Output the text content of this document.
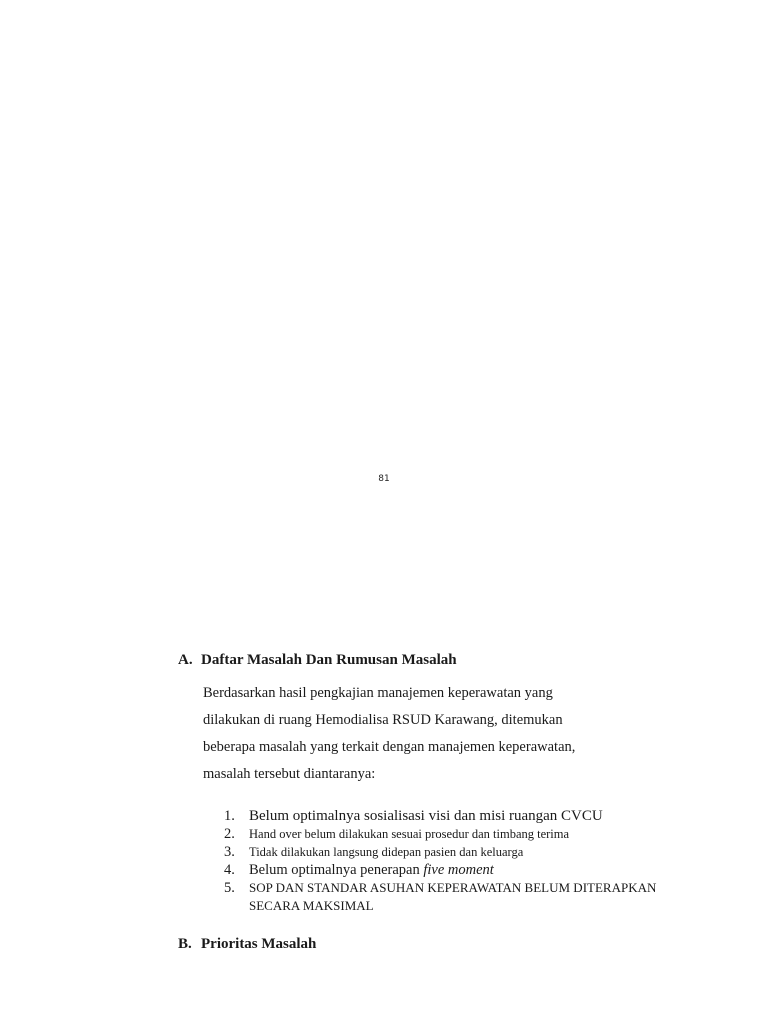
81
A. Daftar Masalah Dan Rumusan Masalah
Berdasarkan hasil pengkajian manajemen keperawatan yang
dilakukan di ruang Hemodialisa RSUD Karawang, ditemukan
beberapa masalah yang terkait dengan manajemen keperawatan,
masalah tersebut diantaranya:
1. Belum optimalnya sosialisasi visi dan misi ruangan CVCU
2. Hand over belum dilakukan sesuai prosedur dan timbang terima
3. Tidak dilakukan langsung didepan pasien dan keluarga
4. Belum optimalnya penerapan five moment
5. SOP DAN STANDAR ASUHAN KEPERAWATAN BELUM DITERAPKAN
SECARA MAKSIMAL
B. Prioritas Masalah
